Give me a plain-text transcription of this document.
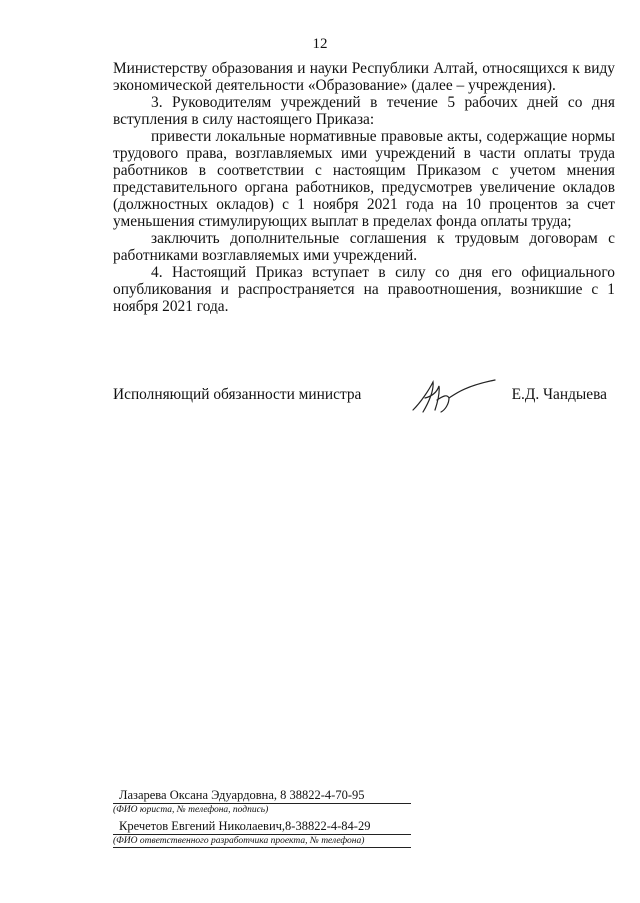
12

Министерству образования и науки Республики Алтай, относящихся к виду экономической деятельности «Образование» (далее – учреждения).

3. Руководителям учреждений в течение 5 рабочих дней со дня вступления в силу настоящего Приказа:

привести локальные нормативные правовые акты, содержащие нормы трудового права, возглавляемых ими учреждений в части оплаты труда работников в соответствии с настоящим Приказом с учетом мнения представительного органа работников, предусмотрев увеличение окладов (должностных окладов) с 1 ноября 2021 года на 10 процентов за счет уменьшения стимулирующих выплат в пределах фонда оплаты труда;

заключить дополнительные соглашения к трудовым договорам с работниками возглавляемых ими учреждений.

4. Настоящий Приказ вступает в силу со дня его официального опубликования и распространяется на правоотношения, возникшие с 1 ноября 2021 года.

Исполняющий обязанности министра	Е.Д. Чандыева
Лазарева Оксана Эдуардовна, 8 38822-4-70-95
(ФИО юриста, № телефона, подпись)
Кречетов Евгений Николаевич,8-38822-4-84-29
(ФИО ответственного разработчика проекта, № телефона)
